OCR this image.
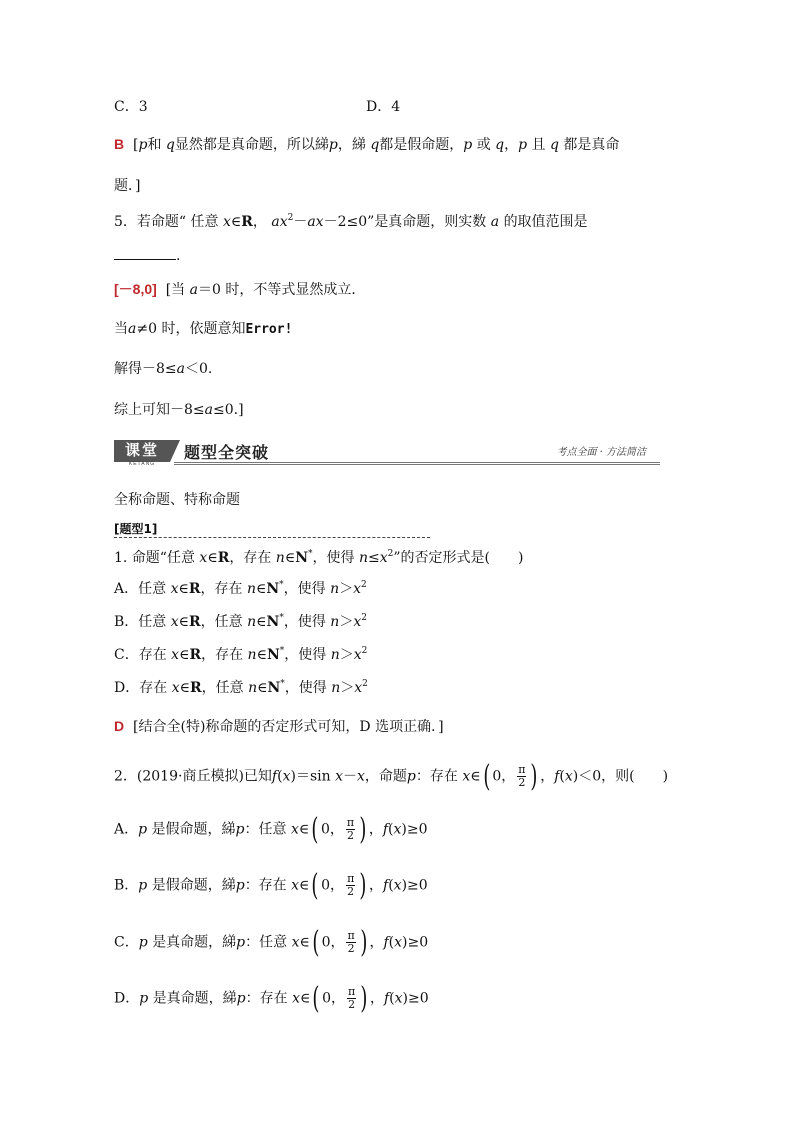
C．3	D．4
B [p和 q显然都是真命题，所以綈p，綈 q都是假命题，p 或 q，p 且 q 都是真命
题．]
5．若命题“ 任意 x∈R， $ax^2-ax-2\le 0$”是真命题，则实数 a 的取值范围是
.
[－8,0] [当 a＝0 时，不等式显然成立．
当a≠0 时，依题意知Error!
解得－8≤a＜0.
综上可知－8≤a≤0.]
课堂
KETANG
题型全突破	考点全面 · 方法简洁
全称命题、特称命题
[题型1]
1. 命题“任意 x∈R，存在 n∈N*，使得 $n\le x^2$”的否定形式是(　　)
A．任意 x∈R，存在 n∈N*，使得 $n>x^2$
B．任意 x∈R，任意 n∈N*，使得 $n>x^2$
C．存在 x∈R，存在 n∈N*，使得 $n>x^2$
D．存在 x∈R，任意 n∈N*，使得 $n>x^2$
D [结合全(特)称命题的否定形式可知，D 选项正确．]
2．(2019·商丘模拟)已知f(x)＝sin x－x，命题p：存在 x∈( 0， $\frac{\pi}{2}$ ) ，f(x)＜0，则(　　)
A．p 是假命题，綈p：任意 x∈( 0， $\frac{\pi}{2}$ ) ，f(x)≥0
B．p 是假命题，綈p：存在 x∈( 0， $\frac{\pi}{2}$ ) ，f(x)≥0
C．p 是真命题，綈p：任意 x∈( 0， $\frac{\pi}{2}$ ) ，f(x)≥0
D．p 是真命题，綈p：存在 x∈( 0， $\frac{\pi}{2}$ ) ，f(x)≥0
